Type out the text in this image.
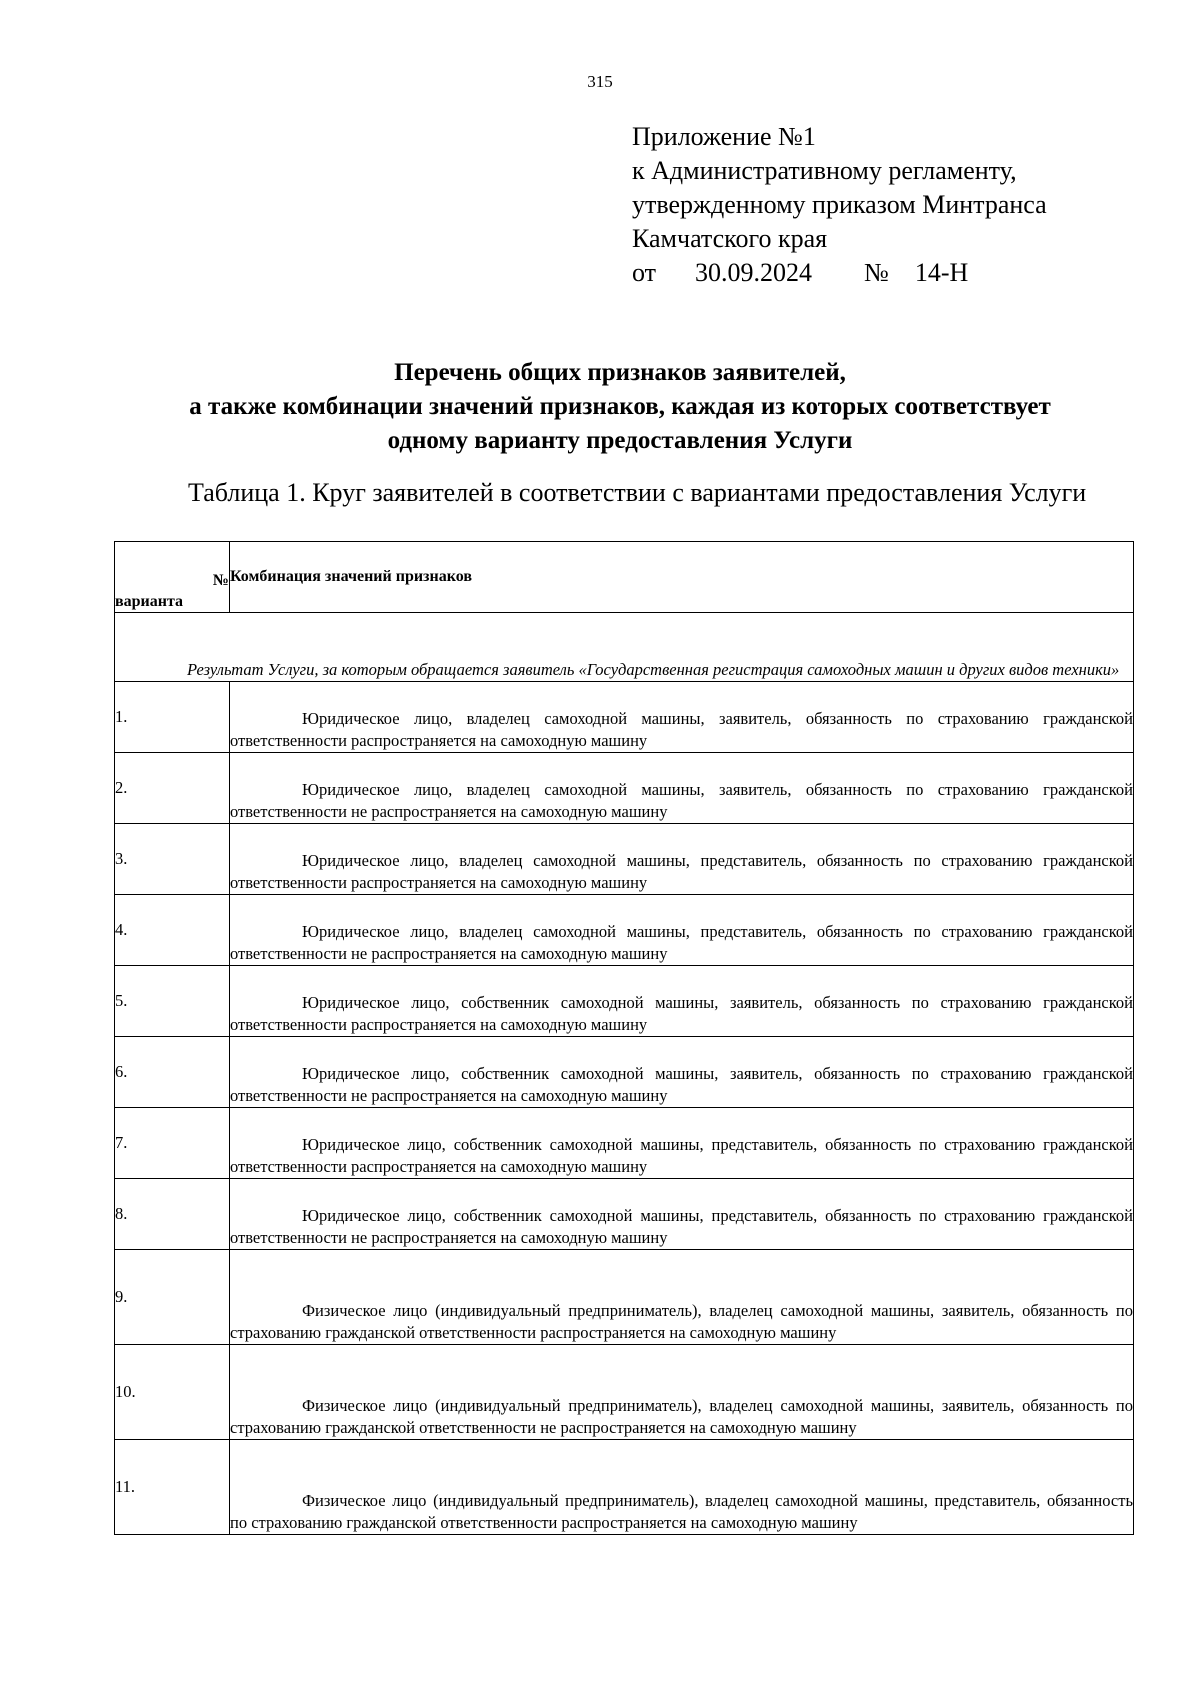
315
Приложение №1
к Административному регламенту,
утвержденному приказом Минтранса
Камчатского края
от      30.09.2024        №    14-Н
Перечень общих признаков заявителей,
а также комбинации значений признаков, каждая из которых соответствует
одному варианту предоставления Услуги
Таблица 1. Круг заявителей в соответствии с вариантами предоставления Услуги
№
варианта	Комбинация значений признаков
Результат Услуги, за которым обращается заявитель «Государственная регистрация самоходных машин и других видов техники»	
1.	Юридическое лицо, владелец самоходной машины, заявитель, обязанность по страхованию гражданской ответственности распространяется на самоходную машину
2.	Юридическое лицо, владелец самоходной машины, заявитель, обязанность по страхованию гражданской ответственности не распространяется на самоходную машину
3.	Юридическое лицо, владелец самоходной машины, представитель, обязанность по страхованию гражданской ответственности распространяется на самоходную машину
4.	Юридическое лицо, владелец самоходной машины, представитель, обязанность по страхованию гражданской ответственности не распространяется на самоходную машину
5.	Юридическое лицо, собственник самоходной машины, заявитель, обязанность по страхованию гражданской ответственности распространяется на самоходную машину
6.	Юридическое лицо, собственник самоходной машины, заявитель, обязанность по страхованию гражданской ответственности не распространяется на самоходную машину
7.	Юридическое лицо, собственник самоходной машины, представитель, обязанность по страхованию гражданской ответственности распространяется на самоходную машину
8.	Юридическое лицо, собственник самоходной машины, представитель, обязанность по страхованию гражданской ответственности не распространяется на самоходную машину
9.	Физическое лицо (индивидуальный предприниматель), владелец самоходной машины, заявитель, обязанность по страхованию гражданской ответственности распространяется на самоходную машину
10.	Физическое лицо (индивидуальный предприниматель), владелец самоходной машины, заявитель, обязанность по страхованию гражданской ответственности не распространяется на самоходную машину
11.	Физическое лицо (индивидуальный предприниматель), владелец самоходной машины, представитель, обязанность по страхованию гражданской ответственности распространяется на самоходную машину
